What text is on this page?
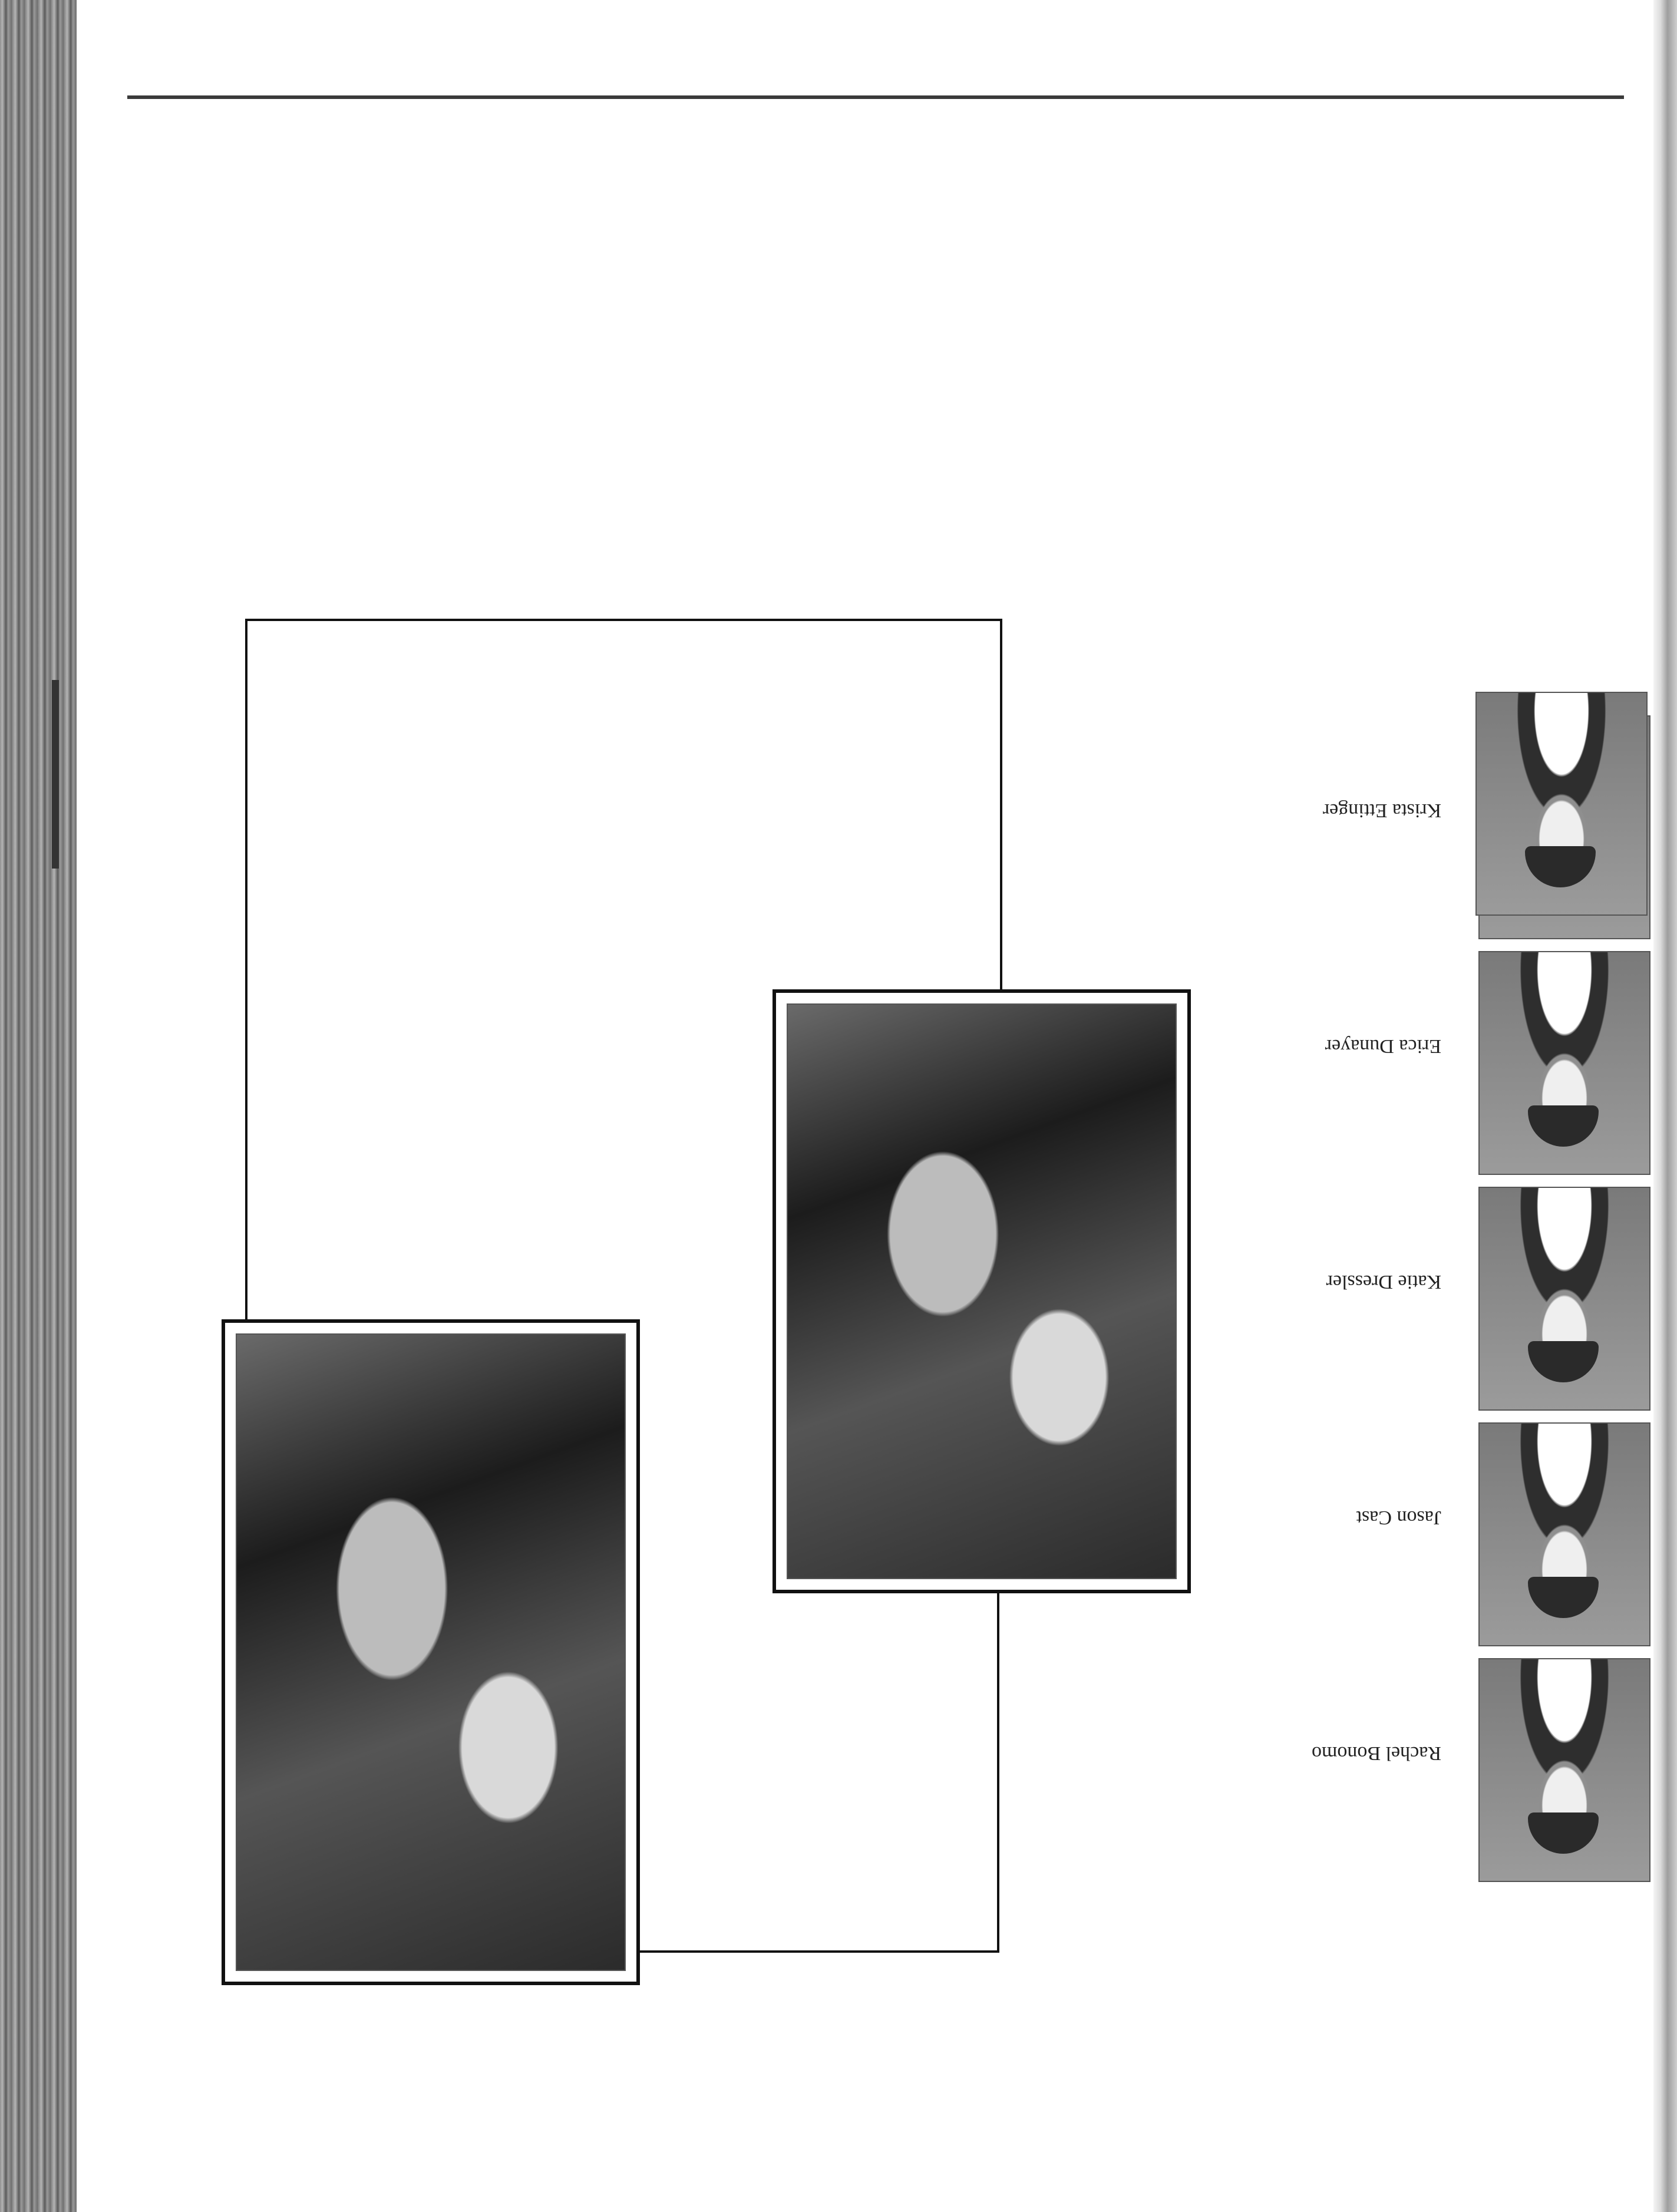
Rachel Bonomo
Jason Cast
Katie Dressler
Erica Dunayer
Krista Ettinger
